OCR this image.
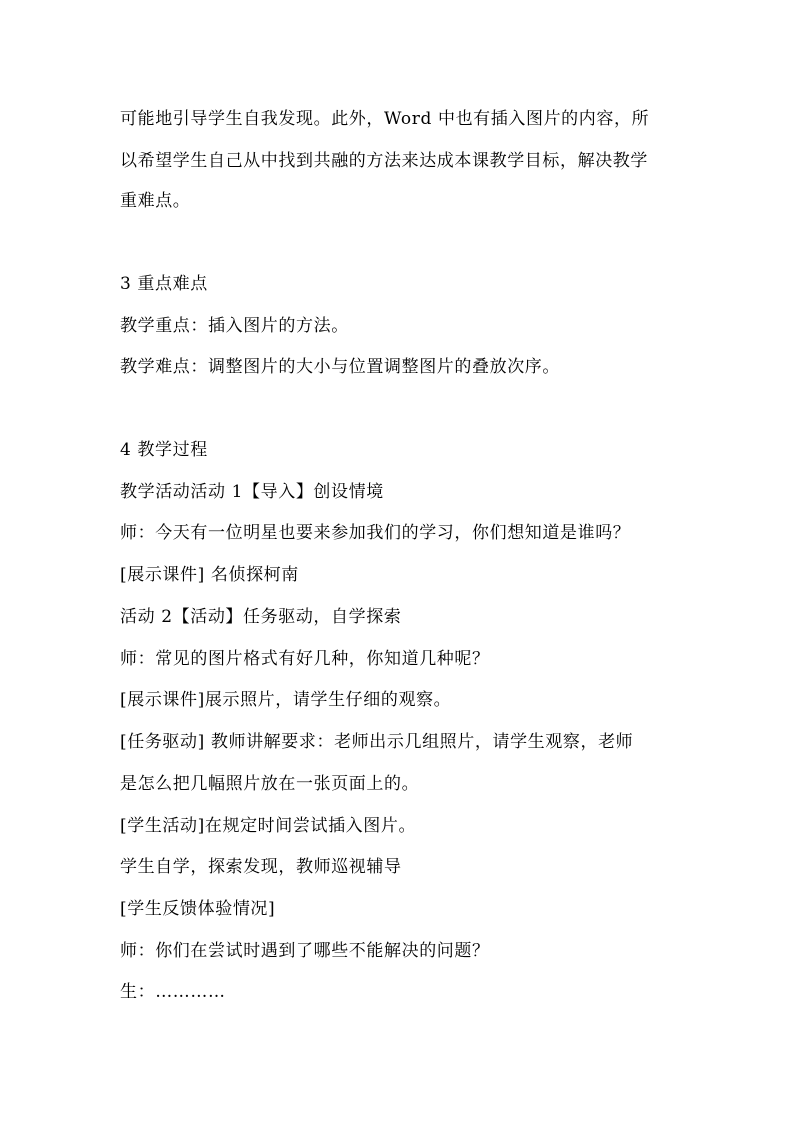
可能地引导学生自我发现。此外，Word 中也有插入图片的内容，所
以希望学生自己从中找到共融的方法来达成本课教学目标，解决教学
重难点。
3 重点难点
教学重点：插入图片的方法。
教学难点：调整图片的大小与位置调整图片的叠放次序。
4 教学过程
教学活动活动 1【导入】创设情境
师：今天有一位明星也要来参加我们的学习，你们想知道是谁吗？
[展示课件] 名侦探柯南
活动 2【活动】任务驱动，自学探索
师：常见的图片格式有好几种，你知道几种呢？
[展示课件]展示照片，请学生仔细的观察。
[任务驱动] 教师讲解要求：老师出示几组照片，请学生观察，老师
是怎么把几幅照片放在一张页面上的。
[学生活动]在规定时间尝试插入图片。
学生自学，探索发现，教师巡视辅导
[学生反馈体验情况]
师：你们在尝试时遇到了哪些不能解决的问题？
生：…………
